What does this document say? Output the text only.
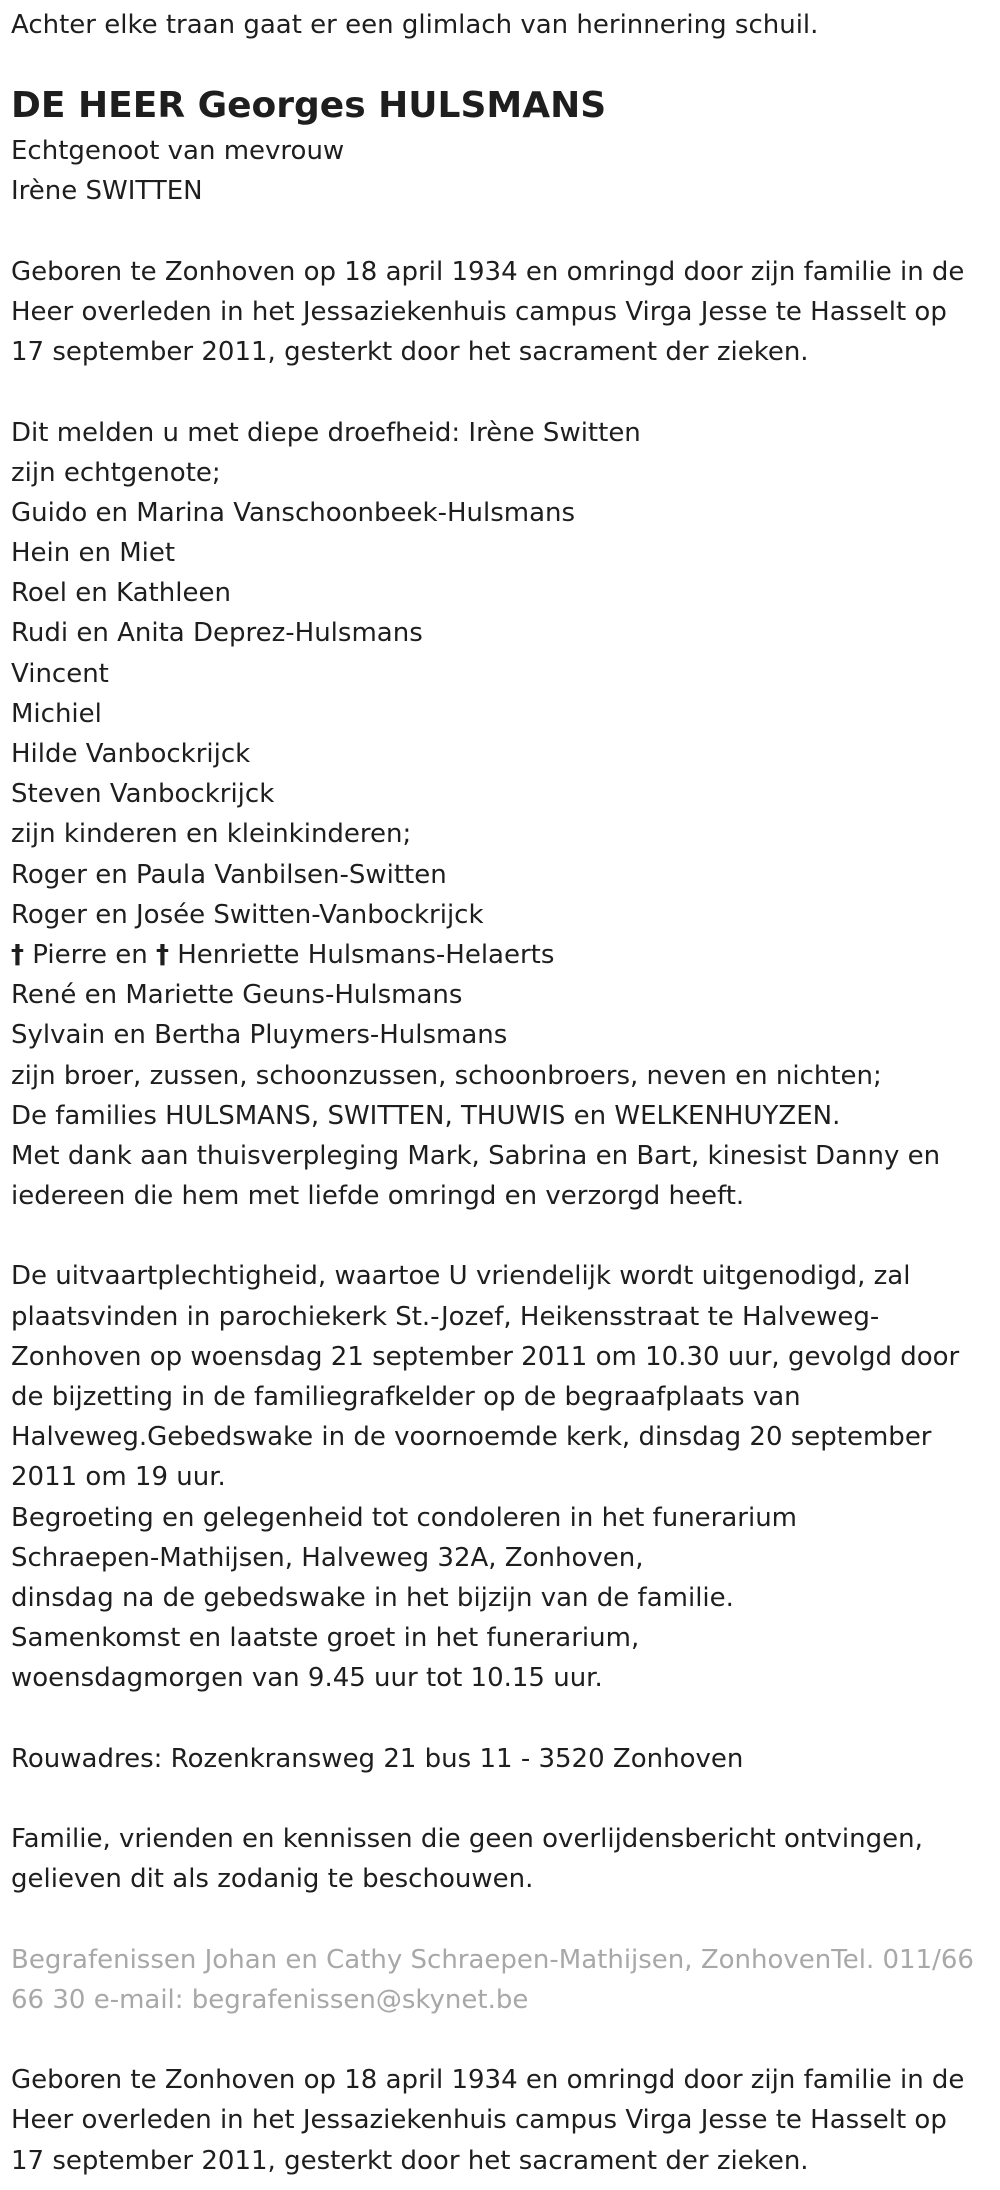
Achter elke traan gaat er een glimlach van herinnering schuil.
DE HEER Georges HULSMANS
Echtgenoot van mevrouw
Irène SWITTEN
Geboren te Zonhoven op 18 april 1934 en omringd door zijn familie in de
Heer overleden in het Jessaziekenhuis campus Virga Jesse te Hasselt op
17 september 2011, gesterkt door het sacrament der zieken.
Dit melden u met diepe droefheid: Irène Switten
zijn echtgenote;
Guido en Marina Vanschoonbeek-Hulsmans
Hein en Miet
Roel en Kathleen
Rudi en Anita Deprez-Hulsmans
Vincent
Michiel
Hilde Vanbockrijck
Steven Vanbockrijck
zijn kinderen en kleinkinderen;
Roger en Paula Vanbilsen-Switten
Roger en Josée Switten-Vanbockrijck
† Pierre en † Henriette Hulsmans-Helaerts
René en Mariette Geuns-Hulsmans
Sylvain en Bertha Pluymers-Hulsmans
zijn broer, zussen, schoonzussen, schoonbroers, neven en nichten;
De families HULSMANS, SWITTEN, THUWIS en WELKENHUYZEN.
Met dank aan thuisverpleging Mark, Sabrina en Bart, kinesist Danny en
iedereen die hem met liefde omringd en verzorgd heeft.
De uitvaartplechtigheid, waartoe U vriendelijk wordt uitgenodigd, zal
plaatsvinden in parochiekerk St.-Jozef, Heikensstraat te Halveweg-
Zonhoven op woensdag 21 september 2011 om 10.30 uur, gevolgd door
de bijzetting in de familiegrafkelder op de begraafplaats van
Halveweg.Gebedswake in de voornoemde kerk, dinsdag 20 september
2011 om 19 uur.
Begroeting en gelegenheid tot condoleren in het funerarium
Schraepen-Mathijsen, Halveweg 32A, Zonhoven,
dinsdag na de gebedswake in het bijzijn van de familie.
Samenkomst en laatste groet in het funerarium,
woensdagmorgen van 9.45 uur tot 10.15 uur.
Rouwadres: Rozenkransweg 21 bus 11 - 3520 Zonhoven
Familie, vrienden en kennissen die geen overlijdensbericht ontvingen,
gelieven dit als zodanig te beschouwen.
Begrafenissen Johan en Cathy Schraepen-Mathijsen, ZonhovenTel. 011/66
66 30 e-mail: begrafenissen@skynet.be
Geboren te Zonhoven op 18 april 1934 en omringd door zijn familie in de
Heer overleden in het Jessaziekenhuis campus Virga Jesse te Hasselt op
17 september 2011, gesterkt door het sacrament der zieken.
